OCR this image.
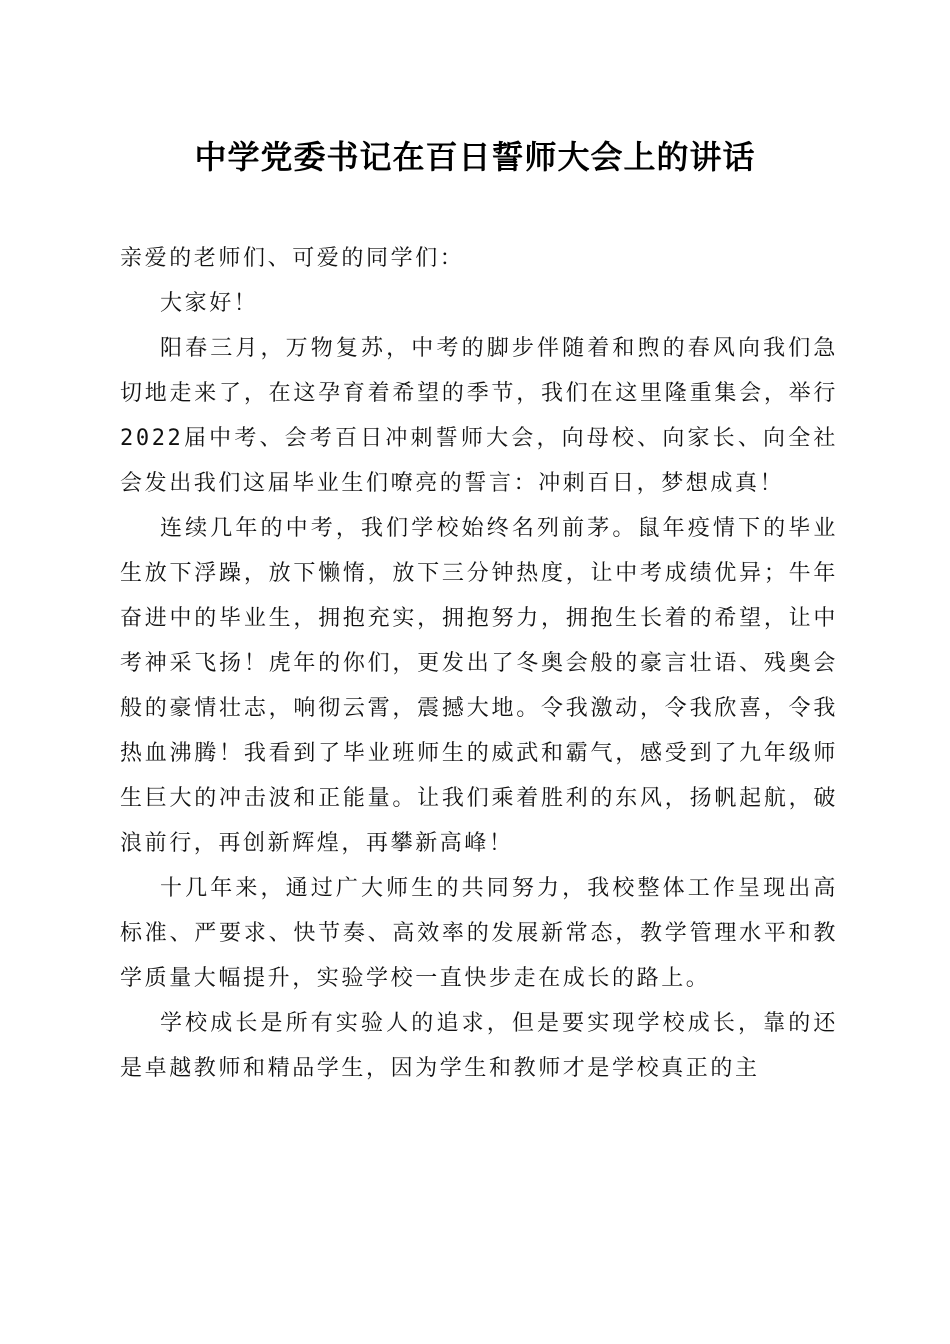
中学党委书记在百日誓师大会上的讲话

亲爱的老师们、可爱的同学们：

大家好！

阳春三月，万物复苏，中考的脚步伴随着和煦的春风向我们急切地走来了，在这孕育着希望的季节，我们在这里隆重集会，举行2022届中考、会考百日冲刺誓师大会，向母校、向家长、向全社会发出我们这届毕业生们嘹亮的誓言：冲刺百日，梦想成真！

连续几年的中考，我们学校始终名列前茅。鼠年疫情下的毕业生放下浮躁，放下懒惰，放下三分钟热度，让中考成绩优异；牛年奋进中的毕业生，拥抱充实，拥抱努力，拥抱生长着的希望，让中考神采飞扬！虎年的你们，更发出了冬奥会般的豪言壮语、残奥会般的豪情壮志，响彻云霄，震撼大地。令我激动，令我欣喜，令我热血沸腾！我看到了毕业班师生的威武和霸气，感受到了九年级师生巨大的冲击波和正能量。让我们乘着胜利的东风，扬帆起航，破浪前行，再创新辉煌，再攀新高峰！

十几年来，通过广大师生的共同努力，我校整体工作呈现出高标准、严要求、快节奏、高效率的发展新常态，教学管理水平和教学质量大幅提升，实验学校一直快步走在成长的路上。

学校成长是所有实验人的追求，但是要实现学校成长，靠的还是卓越教师和精品学生，因为学生和教师才是学校真正的主
